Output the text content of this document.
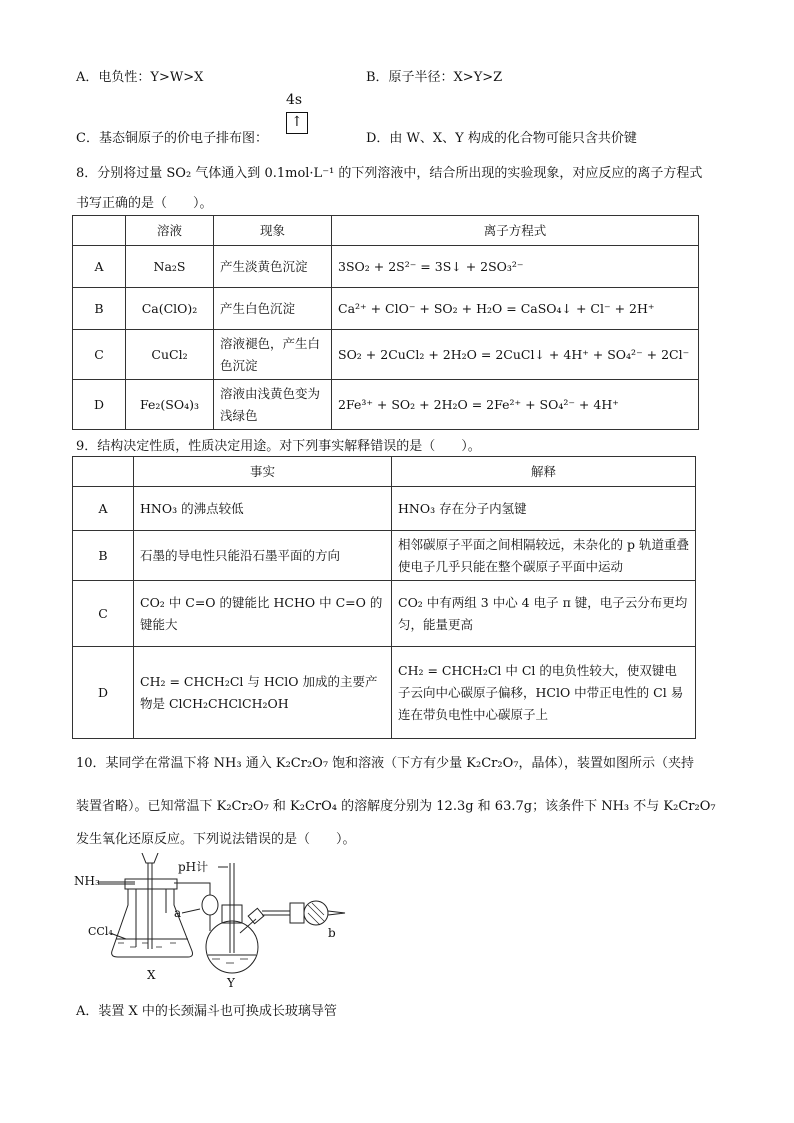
A．电负性：Y>W>X	B．原子半径：X>Y>Z
C．基态铜原子的价电子排布图：
4s
↑
D．由 W、X、Y 构成的化合物可能只含共价键
8．分别将过量 SO₂ 气体通入到 0.1mol·L⁻¹ 的下列溶液中，结合所出现的实验现象，对应反应的离子方程式
书写正确的是（　　）。
	溶液	现象	离子方程式
A	Na₂S	产生淡黄色沉淀	3SO₂ + 2S²⁻ = 3S↓ + 2SO₃²⁻
B	Ca(ClO)₂	产生白色沉淀	Ca²⁺ + ClO⁻ + SO₂ + H₂O = CaSO₄↓ + Cl⁻ + 2H⁺
C	CuCl₂	溶液褪色，产生白色沉淀	SO₂ + 2CuCl₂ + 2H₂O = 2CuCl↓ + 4H⁺ + SO₄²⁻ + 2Cl⁻
D	Fe₂(SO₄)₃	溶液由浅黄色变为浅绿色	2Fe³⁺ + SO₂ + 2H₂O = 2Fe²⁺ + SO₄²⁻ + 4H⁺
9．结构决定性质，性质决定用途。对下列事实解释错误的是（　　）。
	事实	解释
A	HNO₃ 的沸点较低	HNO₃ 存在分子内氢键
B	石墨的导电性只能沿石墨平面的方向	相邻碳原子平面之间相隔较远，未杂化的 p 轨道重叠使电子几乎只能在整个碳原子平面中运动
C	CO₂ 中 C=O 的键能比 HCHO 中 C=O 的键能大	CO₂ 中有两组 3 中心 4 电子 π 键，电子云分布更均匀，能量更高
D	CH₂ = CHCH₂Cl 与 HClO 加成的主要产物是 ClCH₂CHClCH₂OH	CH₂ = CHCH₂Cl 中 Cl 的电负性较大，使双键电子云向中心碳原子偏移，HClO 中带正电性的 Cl 易连在带负电性中心碳原子上
10．某同学在常温下将 NH₃ 通入 K₂Cr₂O₇ 饱和溶液（下方有少量 K₂Cr₂O₇，晶体），装置如图所示（夹持
装置省略）。已知常温下 K₂Cr₂O₇ 和 K₂CrO₄ 的溶解度分别为 12.3g 和 63.7g；该条件下 NH₃ 不与 K₂Cr₂O₇
发生氧化还原反应。下列说法错误的是（　　）。
NH₃
CCl₄
X
pH计
a
Y
b
A．装置 X 中的长颈漏斗也可换成长玻璃导管
